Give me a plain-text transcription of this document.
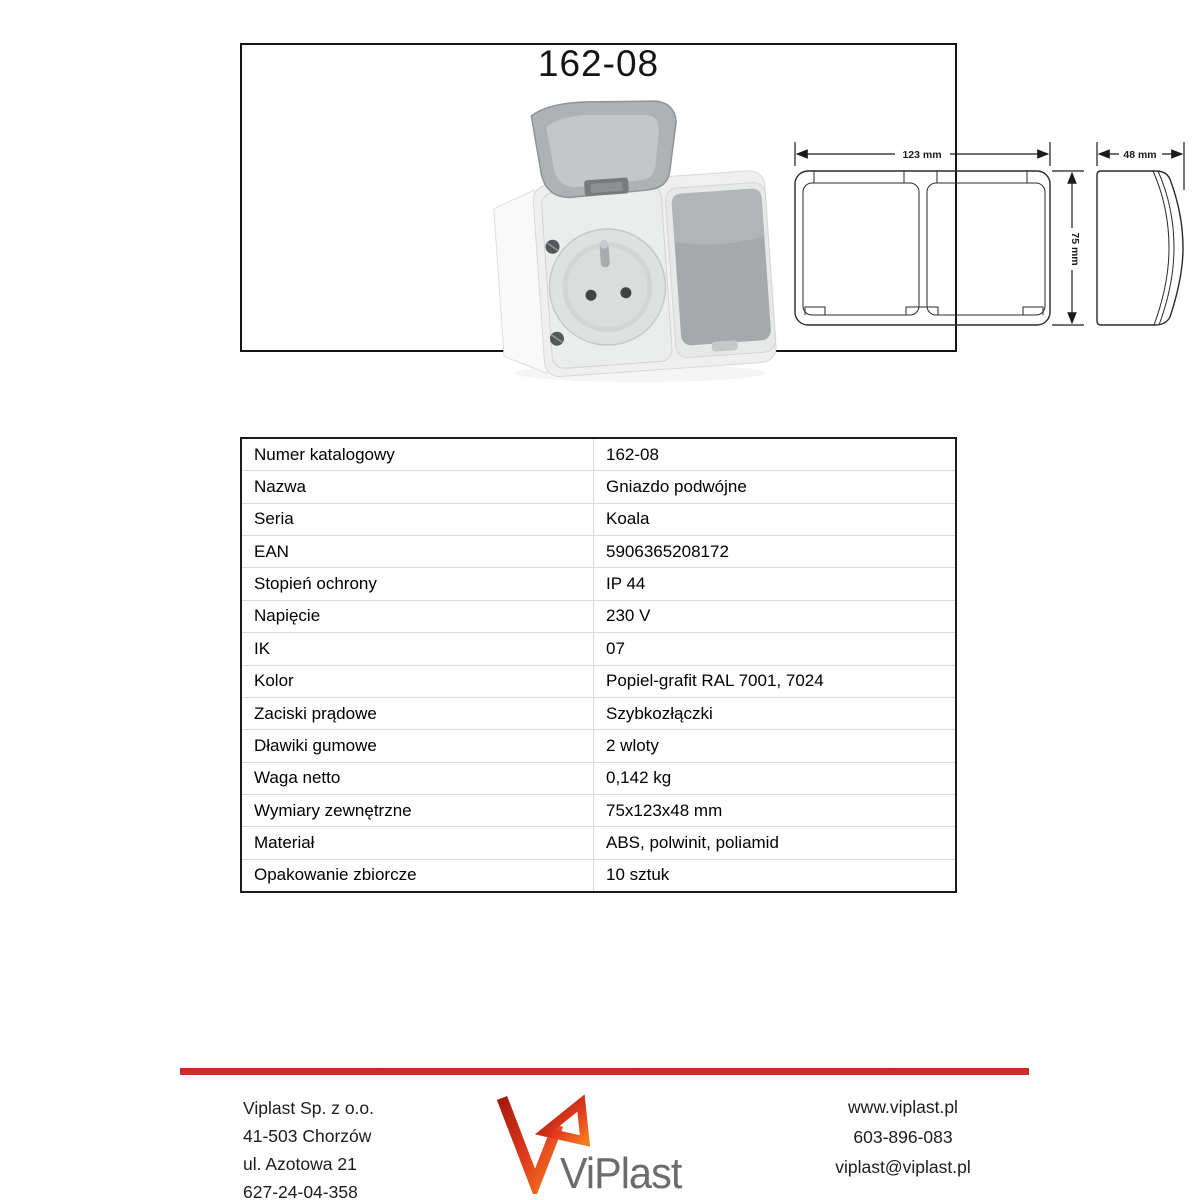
123 mm
75 mm
48 mm
Numer katalogowy	162-08
Nazwa	Gniazdo podwójne
Seria	Koala
EAN	5906365208172
Stopień ochrony	IP 44
Napięcie	230 V
IK	07
Kolor	Popiel-grafit RAL 7001, 7024
Zaciski prądowe	Szybkozłączki
Dławiki gumowe	2 wloty
Waga netto	0,142 kg
Wymiary zewnętrzne	75x123x48 mm
Materiał	ABS, polwinit, poliamid
Opakowanie zbiorcze	10 sztuk
Viplast Sp. z o.o.
41-503 Chorzów
ul. Azotowa 21
627-24-04-358	ViPlast
www.viplast.pl
603-896-083
viplast@viplast.pl
